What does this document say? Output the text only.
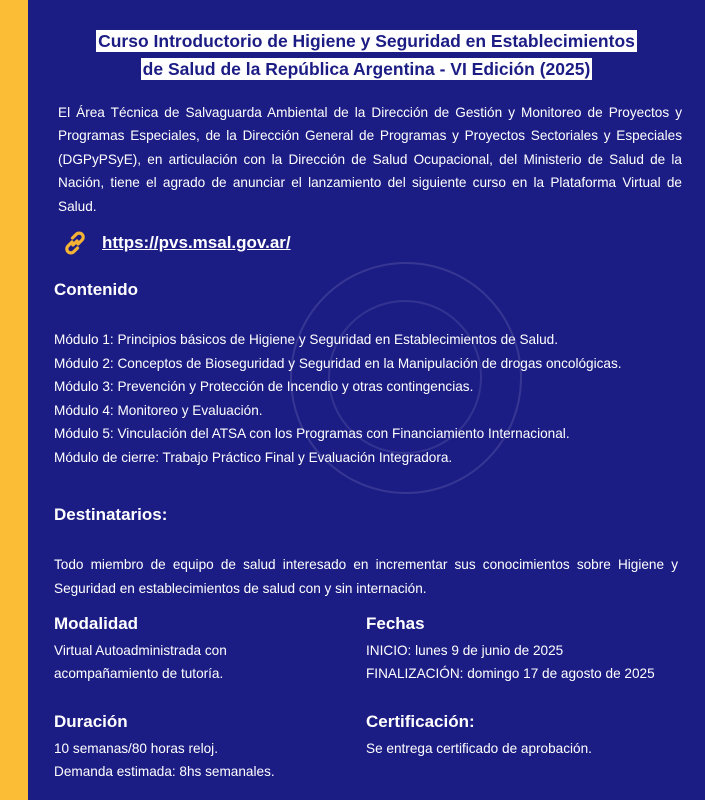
Curso Introductorio de Higiene y Seguridad en Establecimientos
de Salud de la República Argentina - VI Edición (2025)
El Área Técnica de Salvaguarda Ambiental de la Dirección de Gestión y Monitoreo de Proyectos y Programas Especiales, de la Dirección General de Programas y Proyectos Sectoriales y Especiales (DGPyPSyE), en articulación con la Dirección de Salud Ocupacional, del Ministerio de Salud de la Nación, tiene el agrado de anunciar el lanzamiento del siguiente curso en la Plataforma Virtual de Salud.
https://pvs.msal.gov.ar/
Contenido
Módulo 1: Principios básicos de Higiene y Seguridad en Establecimientos de Salud.
Módulo 2: Conceptos de Bioseguridad y Seguridad en la Manipulación de drogas oncológicas.
Módulo 3: Prevención y Protección de Incendio y otras contingencias.
Módulo 4: Monitoreo y Evaluación.
Módulo 5: Vinculación del ATSA con los Programas con Financiamiento Internacional.
Módulo de cierre: Trabajo Práctico Final y Evaluación Integradora.
Destinatarios:
Todo miembro de equipo de salud interesado en incrementar sus conocimientos sobre Higiene y Seguridad en establecimientos de salud con y sin internación.
Modalidad
Virtual Autoadministrada con
acompañamiento de tutoría.
Fechas
INICIO: lunes 9 de junio de 2025
FINALIZACIÓN: domingo 17 de agosto de 2025
Duración
10 semanas/80 horas reloj.
Demanda estimada: 8hs semanales.
Certificación:
Se entrega certificado de aprobación.
